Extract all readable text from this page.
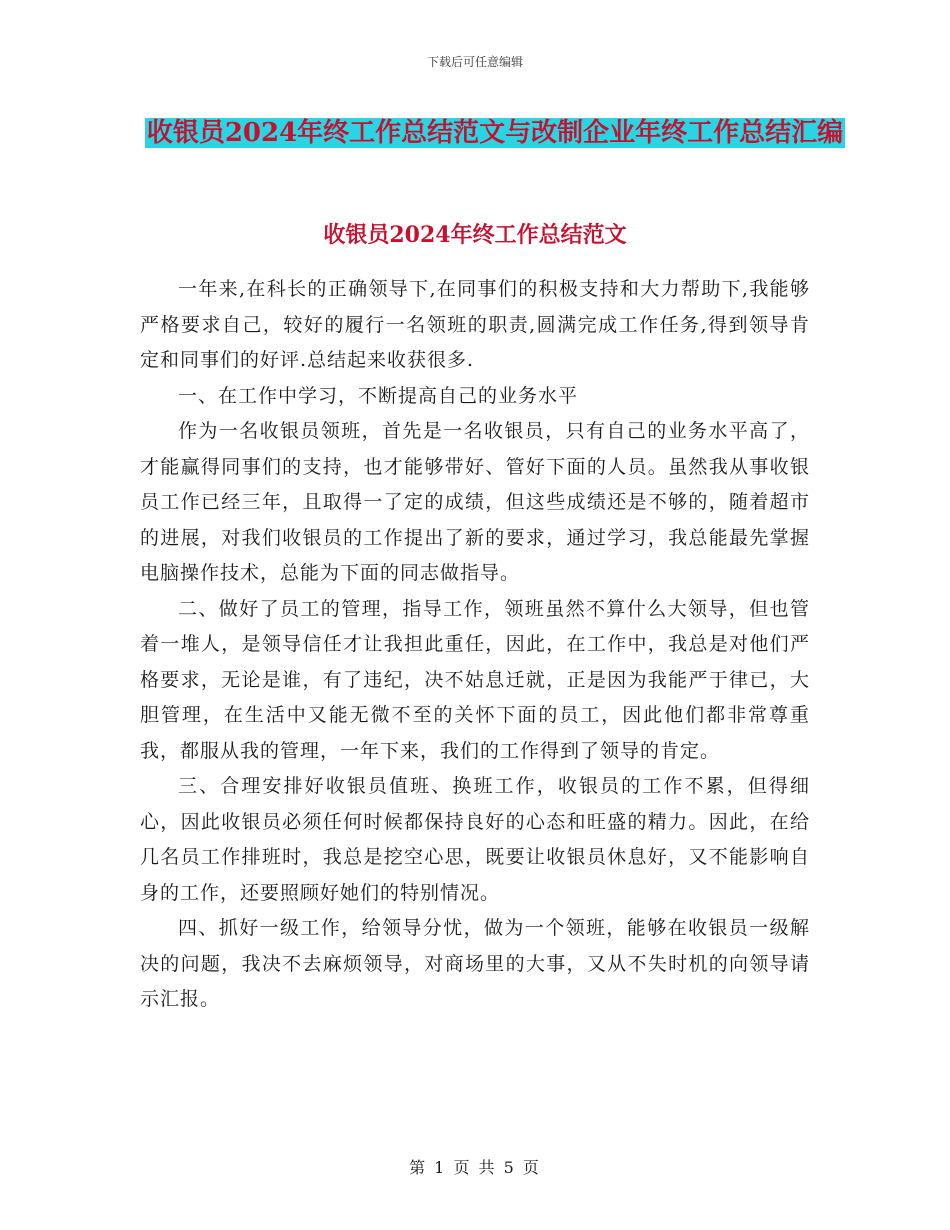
下载后可任意编辑
收银员2024年终工作总结范文与改制企业年终工作总结汇编
收银员2024年终工作总结范文

一年来,在科长的正确领导下,在同事们的积极支持和大力帮助下,我能够严格要求自己，较好的履行一名领班的职责,圆满完成工作任务,得到领导肯定和同事们的好评.总结起来收获很多.

一、在工作中学习，不断提高自己的业务水平

作为一名收银员领班，首先是一名收银员，只有自己的业务水平高了，才能赢得同事们的支持，也才能够带好、管好下面的人员。虽然我从事收银员工作已经三年，且取得一了定的成绩，但这些成绩还是不够的，随着超市的进展，对我们收银员的工作提出了新的要求，通过学习，我总能最先掌握电脑操作技术，总能为下面的同志做指导。

二、做好了员工的管理，指导工作，领班虽然不算什么大领导，但也管着一堆人，是领导信任才让我担此重任，因此，在工作中，我总是对他们严格要求，无论是谁，有了违纪，决不姑息迁就，正是因为我能严于律已，大胆管理，在生活中又能无微不至的关怀下面的员工，因此他们都非常尊重我，都服从我的管理，一年下来，我们的工作得到了领导的肯定。

三、合理安排好收银员值班、换班工作，收银员的工作不累，但得细心，因此收银员必须任何时候都保持良好的心态和旺盛的精力。因此，在给几名员工作排班时，我总是挖空心思，既要让收银员休息好，又不能影响自身的工作，还要照顾好她们的特别情况。

四、抓好一级工作，给领导分忧，做为一个领班，能够在收银员一级解决的问题，我决不去麻烦领导，对商场里的大事，又从不失时机的向领导请示汇报。

第 1 页 共 5 页
